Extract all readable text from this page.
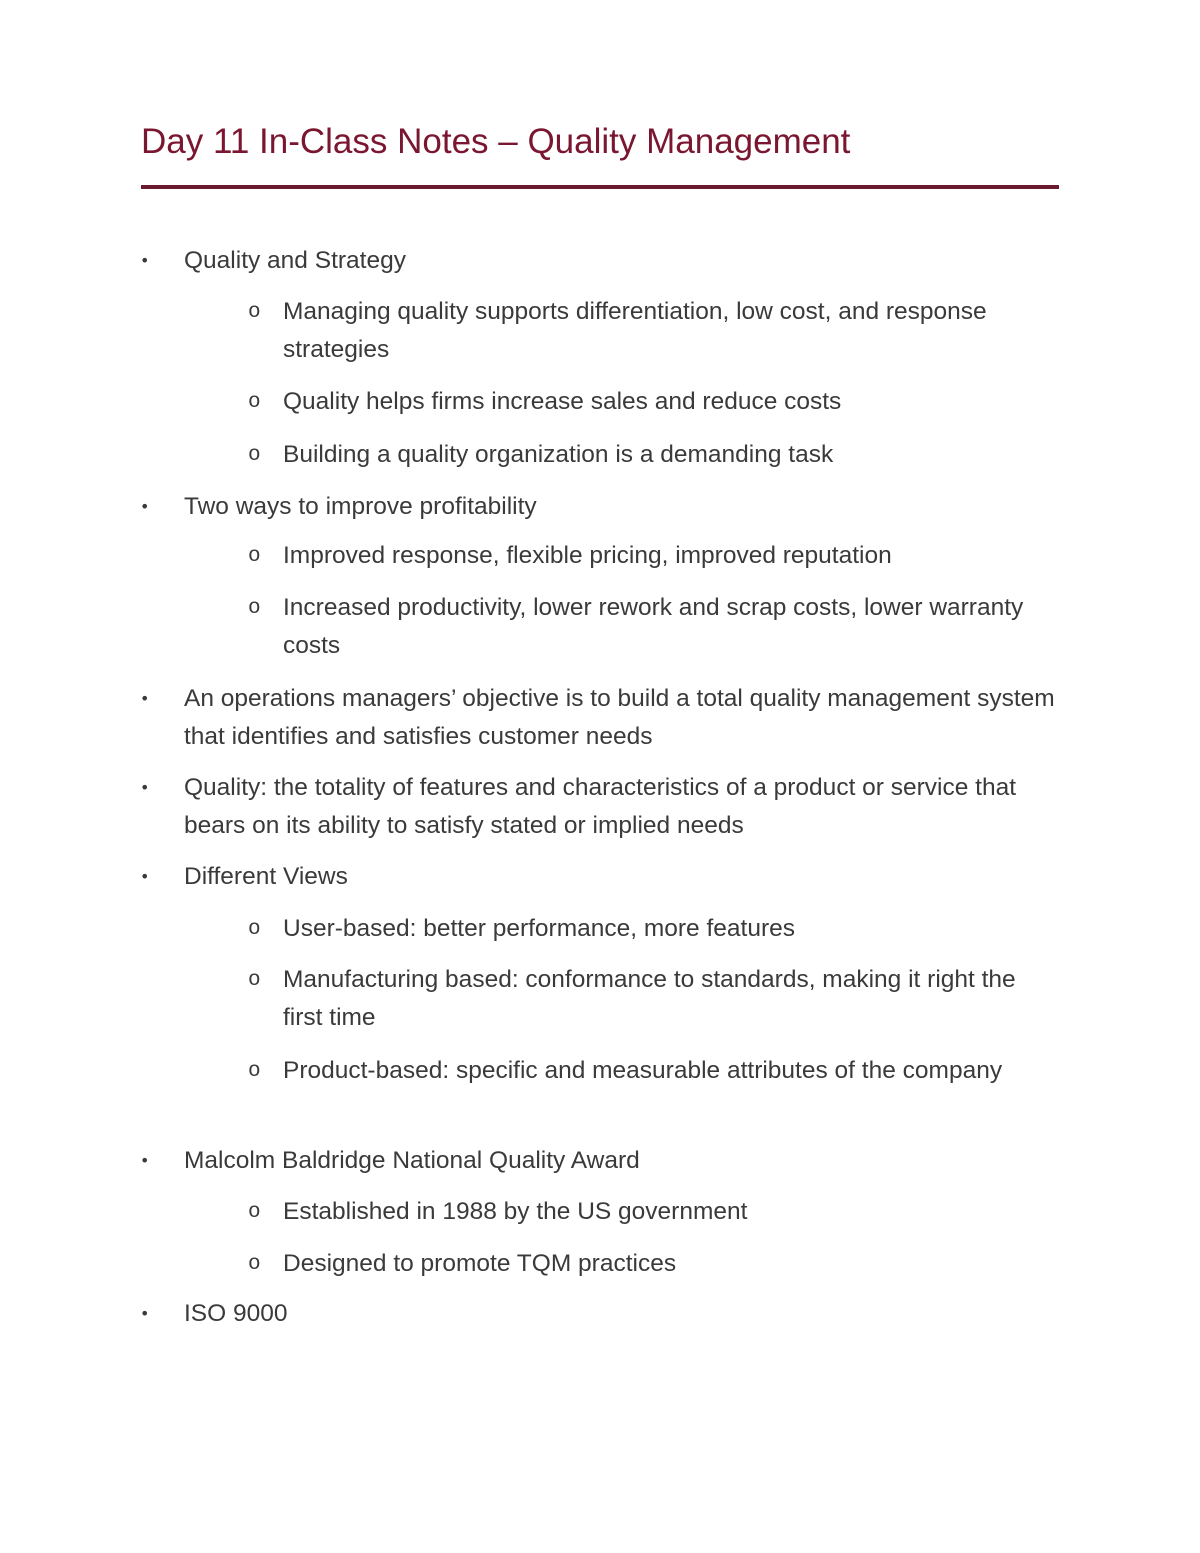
Day 11 In-Class Notes – Quality Management
• Quality and Strategy
o Managing quality supports differentiation, low cost, and response strategies
o Quality helps firms increase sales and reduce costs
o Building a quality organization is a demanding task
• Two ways to improve profitability
o Improved response, flexible pricing, improved reputation
o Increased productivity, lower rework and scrap costs, lower warranty costs
• An operations managers’ objective is to build a total quality management system that identifies and satisfies customer needs
• Quality: the totality of features and characteristics of a product or service that bears on its ability to satisfy stated or implied needs
• Different Views
o User-based: better performance, more features
o Manufacturing based: conformance to standards, making it right the first time
o Product-based: specific and measurable attributes of the company
• Malcolm Baldridge National Quality Award
o Established in 1988 by the US government
o Designed to promote TQM practices
• ISO 9000
